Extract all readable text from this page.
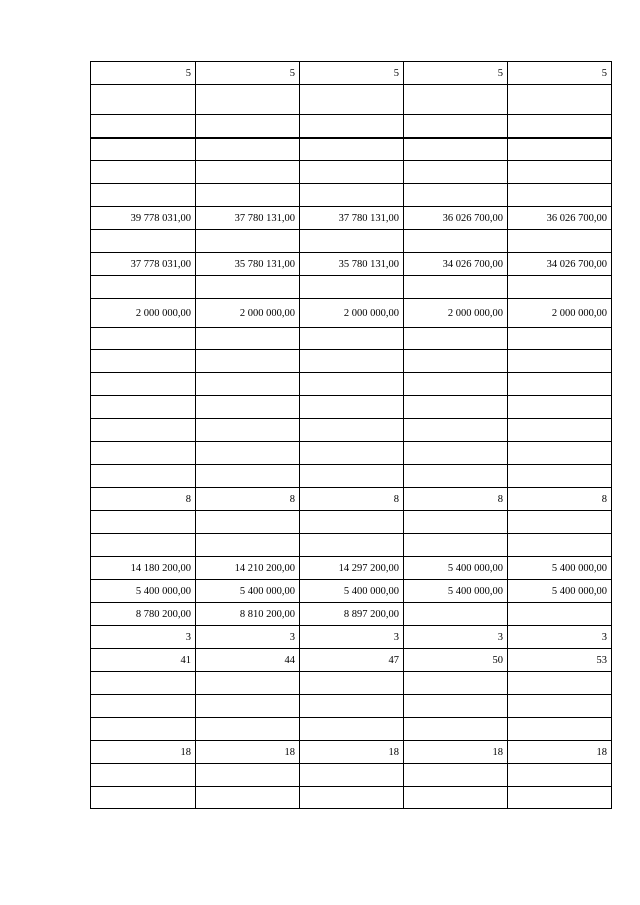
5	5	5	5	5

39 778 031,00	37 780 131,00	37 780 131,00	36 026 700,00	36 026 700,00

37 778 031,00	35 780 131,00	35 780 131,00	34 026 700,00	34 026 700,00

2 000 000,00	2 000 000,00	2 000 000,00	2 000 000,00	2 000 000,00

8	8	8	8	8

14 180 200,00	14 210 200,00	14 297 200,00	5 400 000,00	5 400 000,00
5 400 000,00	5 400 000,00	5 400 000,00	5 400 000,00	5 400 000,00
8 780 200,00	8 810 200,00	8 897 200,00		
3	3	3	3	3
41	44	47	50	53

18	18	18	18	18
